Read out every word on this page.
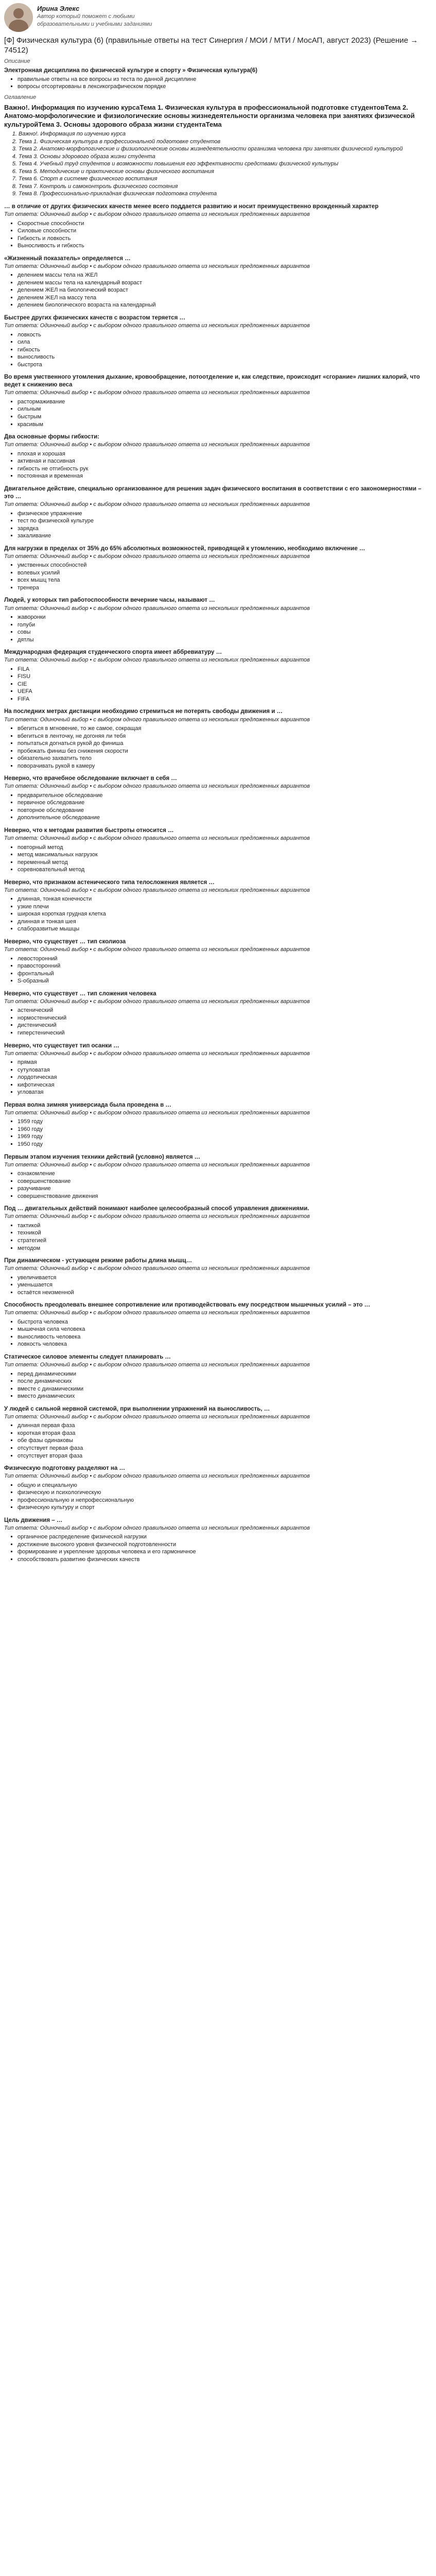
Ирина Элекс
Автор который поможет с любыми образовательными и учебными заданиями
[Ф] Физическая культура (6) (правильные ответы на тест Синергия / МОИ / МТИ / МосАП, август 2023) (Решение → 74512)
Описание
Электронная дисциплина по физической культуре и спорту » Физическая культура(6)
▪ правильные ответы на все вопросы из теста по данной дисциплине
▪ вопросы отсортированы в лексикографическом порядке
Оглавление
Важно!. Информация по изучению курсаТема 1. Физическая культура в профессиональной подготовке студентовТема 2. Анатомо-морфологические и физиологические основы жизнедеятельности организма человека при занятиях физической культуройТема 3. Основы здорового образа жизни студентаТема
1. Важно!. Информация по изучению курса
2. Тема 1. Физическая культура в профессиональной подготовке студентов
3. Тема 2. Анатомо-морфологические и физиологические основы жизнедеятельности организма человека при занятиях физической культурой
4. Тема 3. Основы здорового образа жизни студента
5. Тема 4. Учебный труд студентов и возможности повышения его эффективности средствами физической культуры
6. Тема 5. Методические и практические основы физического воспитания
7. Тема 6. Спорт в системе физического воспитания
8. Тема 7. Контроль и самоконтроль физического состояния
9. Тема 8. Профессионально-прикладная физическая подготовка студента
… в отличие от других физических качеств менее всего поддается развитию и носит преимущественно врожденный характер
Тип ответа: Одиночный выбор • с выбором одного правильного ответа из нескольких предложенных вариантов
▪ Скоростные способности
▪ Силовые способности
▪ Гибкость и ловкость
▪ Выносливость и гибкость
«Жизненный показатель» определяется …
Тип ответа: Одиночный выбор • с выбором одного правильного ответа из нескольких предложенных вариантов
▪ делением массы тела на ЖЕЛ
▪ делением массы тела на календарный возраст
▪ делением ЖЕЛ на биологический возраст
▪ делением ЖЕЛ на массу тела
▪ делением биологического возраста на календарный
Быстрее других физических качеств с возрастом теряется …
Тип ответа: Одиночный выбор • с выбором одного правильного ответа из нескольких предложенных вариантов
▪ ловкость
▪ сила
▪ гибкость
▪ выносливость
▪ быстрота
Во время умственного утомления дыхание, кровообращение, потоотделение и, как следствие, происходит «сгорание» лишних калорий, что ведет к снижению веса
Тип ответа: Одиночный выбор • с выбором одного правильного ответа из нескольких предложенных вариантов
▪ растормаживание
▪ сильным
▪ быстрым
▪ красивым
Два основные формы гибкости:
Тип ответа: Одиночный выбор • с выбором одного правильного ответа из нескольких предложенных вариантов
▪ плохая и хорошая
▪ активная и пассивная
▪ гибкость не отгибность рук
▪ постоянная и временная
Двигательное действие, специально организованное для решения задач физического воспитания в соответствии с его закономерностями – это …
Тип ответа: Одиночный выбор • с выбором одного правильного ответа из нескольких предложенных вариантов
▪ физическое упражнение
▪ тест по физической культуре
▪ зарядка
▪ закаливание
Для нагрузки в пределах от 35% до 65% абсолютных возможностей, приводящей к утомлению, необходимо включение …
Тип ответа: Одиночный выбор • с выбором одного правильного ответа из нескольких предложенных вариантов
▪ умственных способностей
▪ волевых усилий
▪ всех мышц тела
▪ тренера
Людей, у которых тип работоспособности вечерние часы, называют …
Тип ответа: Одиночный выбор • с выбором одного правильного ответа из нескольких предложенных вариантов
▪ жаворонки
▪ голуби
▪ совы
▪ дятлы
Международная федерация студенческого спорта имеет аббревиатуру …
Тип ответа: Одиночный выбор • с выбором одного правильного ответа из нескольких предложенных вариантов
▪ FILA
▪ FISU
▪ CIE
▪ UEFA
▪ FIFA
На последних метрах дистанции необходимо стремиться не потерять свободы движения и …
Тип ответа: Одиночный выбор • с выбором одного правильного ответа из нескольких предложенных вариантов
▪ вбегиться в мгновение, то же самое, сокращая
▪ вбегиться в ленточку, не догоняя ли тебя
▪ попытаться догнаться рукой до финиша
▪ пробежать финиш без снижения скорости
▪ обязательно захватить тело
▪ поворачивать рукой в камеру
Неверно, что врачебное обследование включает в себя …
Тип ответа: Одиночный выбор • с выбором одного правильного ответа из нескольких предложенных вариантов
▪ предварительное обследование
▪ первичное обследование
▪ повторное обследование
▪ дополнительное обследование
Неверно, что к методам развития быстроты относится …
Тип ответа: Одиночный выбор • с выбором одного правильного ответа из нескольких предложенных вариантов
▪ повторный метод
▪ метод максимальных нагрузок
▪ переменный метод
▪ соревновательный метод
Неверно, что признаком астенического типа телосложения является …
Тип ответа: Одиночный выбор • с выбором одного правильного ответа из нескольких предложенных вариантов
▪ длинная, тонкая конечности
▪ узкие плечи
▪ широкая короткая грудная клетка
▪ длинная и тонкая шея
▪ слаборазвитые мышцы
Неверно, что существует … тип сколиоза
Тип ответа: Одиночный выбор • с выбором одного правильного ответа из нескольких предложенных вариантов
▪ левосторонний
▪ правосторонний
▪ фронтальный
▪ S-образный
Неверно, что существует … тип сложения человека
Тип ответа: Одиночный выбор • с выбором одного правильного ответа из нескольких предложенных вариантов
▪ астенический
▪ нормостенический
▪ дистенический
▪ гиперстенический
Неверно, что существует тип осанки …
Тип ответа: Одиночный выбор • с выбором одного правильного ответа из нескольких предложенных вариантов
▪ прямая
▪ сутуловатая
▪ лордотическая
▪ кифотическая
▪ угловатая
Первая волна зимняя универсиада была проведена в …
Тип ответа: Одиночный выбор • с выбором одного правильного ответа из нескольких предложенных вариантов
▪ 1959 году
▪ 1960 году
▪ 1969 году
▪ 1950 году
Первым этапом изучения техники действий (условно) является …
Тип ответа: Одиночный выбор • с выбором одного правильного ответа из нескольких предложенных вариантов
▪ ознакомление
▪ совершенствование
▪ разучивание
▪ совершенствование движения
Под … двигательных действий понимают наиболее целесообразный способ управления движениями.
Тип ответа: Одиночный выбор • с выбором одного правильного ответа из нескольких предложенных вариантов
▪ тактикой
▪ техникой
▪ стратегией
▪ методом
При динамическом - устуающем режиме работы длина мышц…
Тип ответа: Одиночный выбор • с выбором одного правильного ответа из нескольких предложенных вариантов
▪ увеличивается
▪ уменьшается
▪ остаётся неизменной
Способность преодолевать внешнее сопротивление или противодействовать ему посредством мышечных усилий – это …
Тип ответа: Одиночный выбор • с выбором одного правильного ответа из нескольких предложенных вариантов
▪ быстрота человека
▪ мышечная сила человека
▪ выносливость человека
▪ ловкость человека
Статическое силовое элементы следует планировать …
Тип ответа: Одиночный выбор • с выбором одного правильного ответа из нескольких предложенных вариантов
▪ перед динамическими
▪ после динамических
▪ вместе с динамическими
▪ вместо динамических
У людей с сильной нервной системой, при выполнении упражнений на выносливость, …
Тип ответа: Одиночный выбор • с выбором одного правильного ответа из нескольких предложенных вариантов
▪ длинная первая фаза
▪ короткая вторая фаза
▪ обе фазы одинаковы
▪ отсутствует первая фаза
▪ отсутствует вторая фаза
Физическую подготовку разделяют на …
Тип ответа: Одиночный выбор • с выбором одного правильного ответа из нескольких предложенных вариантов
▪ общую и специальную
▪ физическую и психологическую
▪ профессиональную и непрофессиональную
▪ физическую культуру и спорт
Цель движения – …
Тип ответа: Одиночный выбор • с выбором одного правильного ответа из нескольких предложенных вариантов
▪ органичное распределение физической нагрузки
▪ достижение высокого уровня физической подготовленности
▪ формирование и укрепление здоровья человека и его гармоничное
▪ способствовать развитию физических качеств
